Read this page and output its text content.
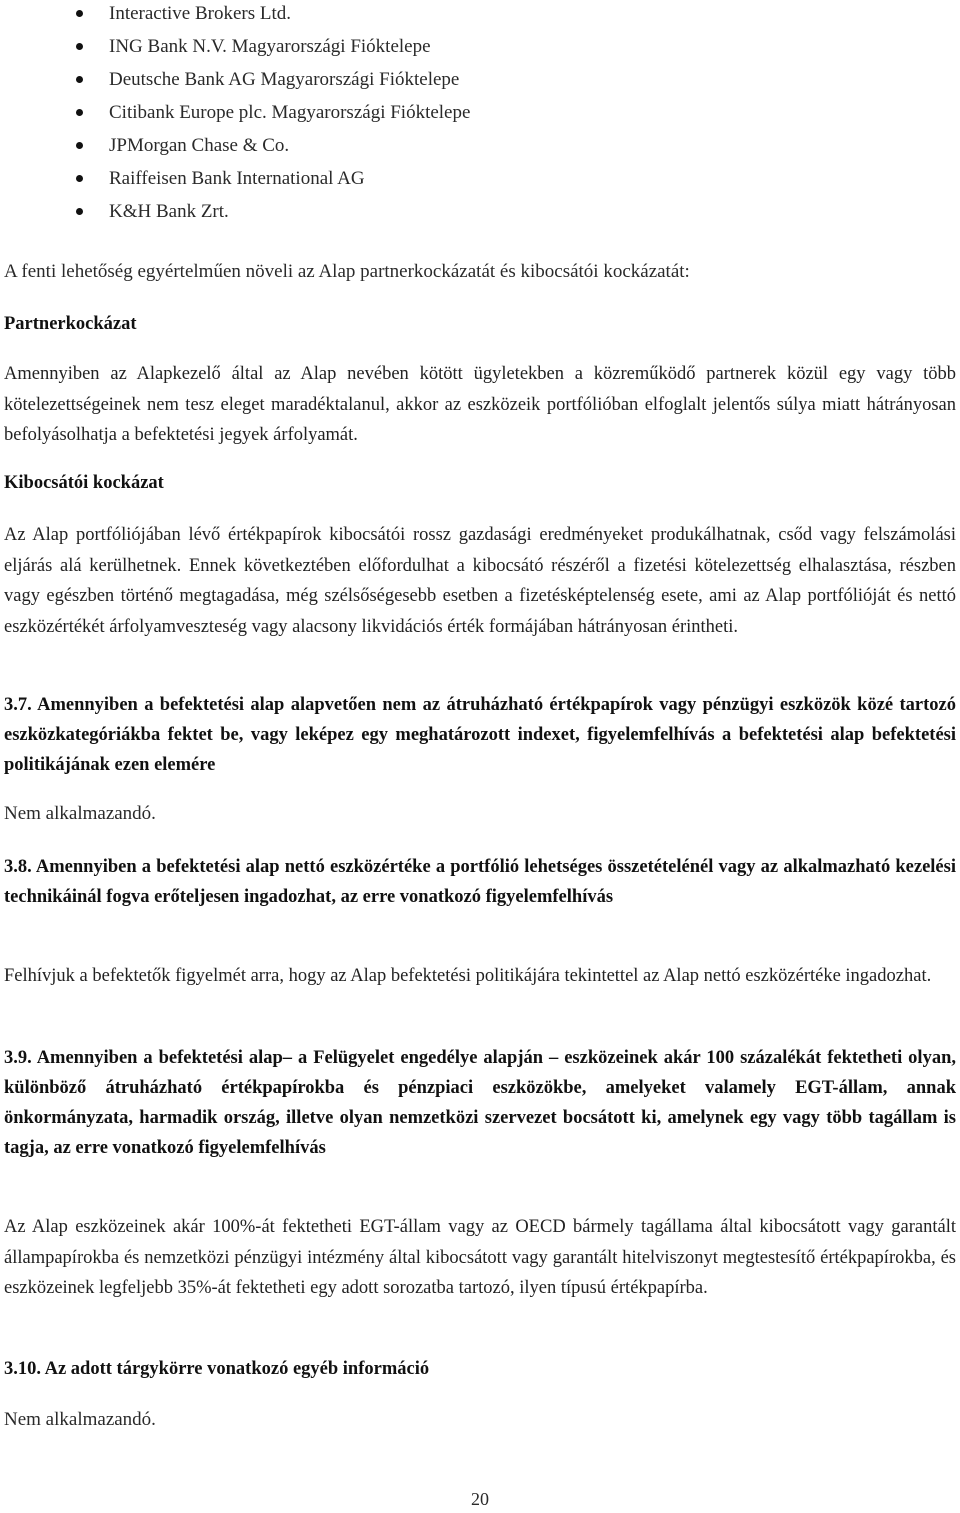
Interactive Brokers Ltd.
ING Bank N.V. Magyarországi Fióktelepe
Deutsche Bank AG Magyarországi Fióktelepe
Citibank Europe plc. Magyarországi Fióktelepe
JPMorgan Chase & Co.
Raiffeisen Bank International AG
K&H Bank Zrt.
A fenti lehetőség egyértelműen növeli az Alap partnerkockázatát és kibocsátói kockázatát:
Partnerkockázat
Amennyiben az Alapkezelő által az Alap nevében kötött ügyletekben a közreműködő partnerek közül egy vagy több kötelezettségeinek nem tesz eleget maradéktalanul, akkor az eszközeik portfólióban elfoglalt jelentős súlya miatt hátrányosan befolyásolhatja a befektetési jegyek árfolyamát.
Kibocsátói kockázat
Az Alap portfóliójában lévő értékpapírok kibocsátói rossz gazdasági eredményeket produkálhatnak, csőd vagy felszámolási eljárás alá kerülhetnek. Ennek következtében előfordulhat a kibocsátó részéről a fizetési kötelezettség elhalasztása, részben vagy egészben történő megtagadása, még szélsőségesebb esetben a fizetésképtelenség esete, ami az Alap portfólióját és nettó eszközértékét árfolyamveszteség vagy alacsony likvidációs érték formájában hátrányosan érintheti.
3.7. Amennyiben a befektetési alap alapvetően nem az átruházható értékpapírok vagy pénzügyi eszközök közé tartozó eszközkategóriákba fektet be, vagy leképez egy meghatározott indexet, figyelemfelhívás a befektetési alap befektetési politikájának ezen elemére
Nem alkalmazandó.
3.8. Amennyiben a befektetési alap nettó eszközértéke a portfólió lehetséges összetételénél vagy az alkalmazható kezelési technikáinál fogva erőteljesen ingadozhat, az erre vonatkozó figyelemfelhívás
Felhívjuk a befektetők figyelmét arra, hogy az Alap befektetési politikájára tekintettel az Alap nettó eszközértéke ingadozhat.
3.9. Amennyiben a befektetési alap– a Felügyelet engedélye alapján – eszközeinek akár 100 százalékát fektetheti olyan, különböző átruházható értékpapírokba és pénzpiaci eszközökbe, amelyeket valamely EGT-állam, annak önkormányzata, harmadik ország, illetve olyan nemzetközi szervezet bocsátott ki, amelynek egy vagy több tagállam is tagja, az erre vonatkozó figyelemfelhívás
Az Alap eszközeinek akár 100%-át fektetheti EGT-állam vagy az OECD bármely tagállama által kibocsátott vagy garantált állampapírokba és nemzetközi pénzügyi intézmény által kibocsátott vagy garantált hitelviszonyt megtestesítő értékpapírokba, és eszközeinek legfeljebb 35%-át fektetheti egy adott sorozatba tartozó, ilyen típusú értékpapírba.
3.10. Az adott tárgykörre vonatkozó egyéb információ
Nem alkalmazandó.
20
